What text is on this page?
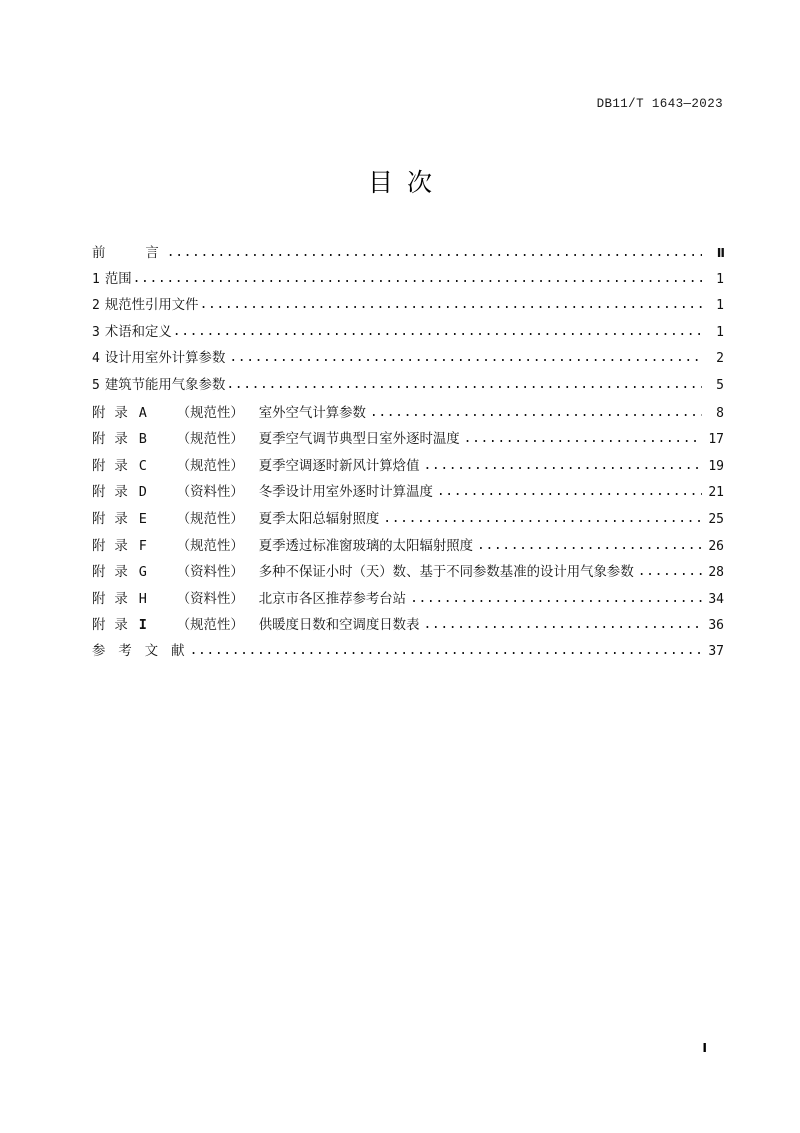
DB11/T 1643—2023
目次
前言 .....	II
1 范围 .....	1
2 规范性引用文件 .....	1
3 术语和定义 .....	1
4 设计用室外计算参数 .....	2
5 建筑节能用气象参数 .....	5
附录 A	（规范性）	室外空气计算参数 .....	8
附录 B	（规范性）	夏季空气调节典型日室外逐时温度 .....	17
附录 C	（规范性）	夏季空调逐时新风计算焓值 .....	19
附录 D	（资料性）	冬季设计用室外逐时计算温度 .....	21
附录 E	（规范性）	夏季太阳总辐射照度 .....	25
附录 F	（规范性）	夏季透过标准窗玻璃的太阳辐射照度 .....	26
附录 G	（资料性）	多种不保证小时（天）数、基于不同参数基准的设计用气象参数 .....	28
附录 H	（资料性）	北京市各区推荐参考台站 .....	34
附录 I	（规范性）	供暖度日数和空调度日数表 .....	36
参考文献 .....	37
I
